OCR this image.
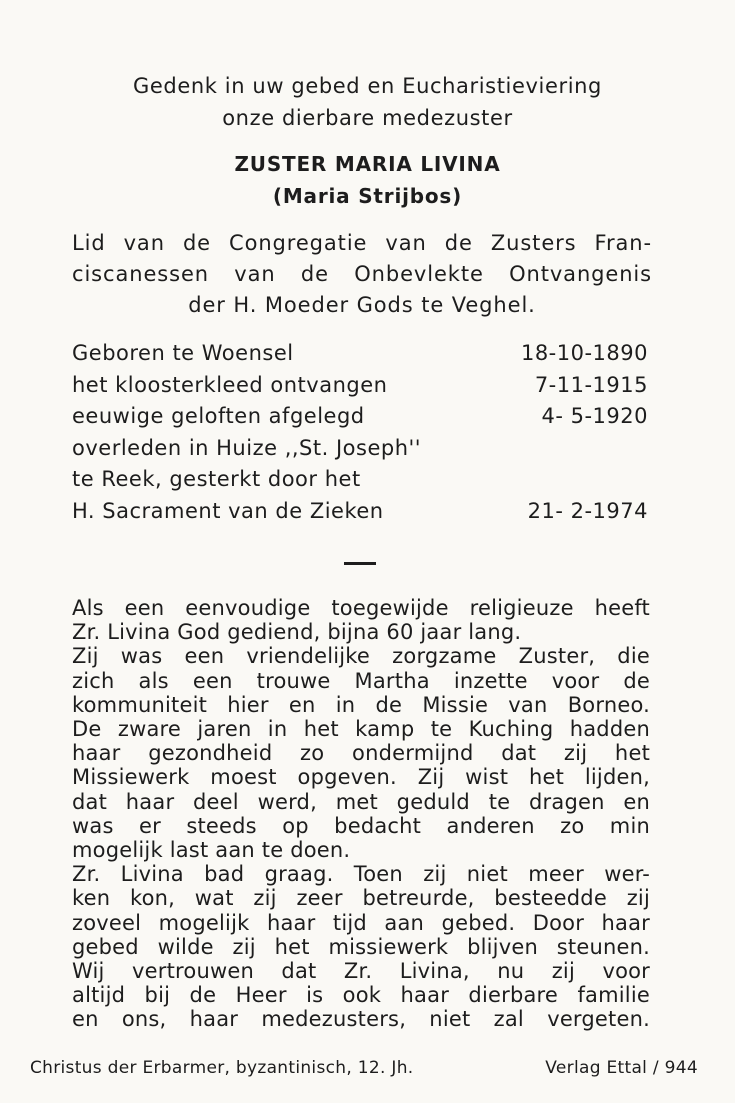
Gedenk in uw gebed en Eucharistieviering
onze dierbare medezuster
ZUSTER MARIA LIVINA
(Maria Strijbos)
Lid van de Congregatie van de Zusters Fran-
ciscanessen van de Onbevlekte Ontvangenis
der H. Moeder Gods te Veghel.
Geboren te Woensel	18-10-1890
het kloosterkleed ontvangen	7-11-1915
eeuwige geloften afgelegd	4- 5-1920
overleden in Huize ,,St. Joseph''
te Reek, gesterkt door het
H. Sacrament van de Zieken	21- 2-1974
Als een eenvoudige toegewijde religieuze heeft
Zr. Livina God gediend, bijna 60 jaar lang.
Zij was een vriendelijke zorgzame Zuster, die
zich als een trouwe Martha inzette voor de
kommuniteit hier en in de Missie van Borneo.
De zware jaren in het kamp te Kuching hadden
haar gezondheid zo ondermijnd dat zij het
Missiewerk moest opgeven. Zij wist het lijden,
dat haar deel werd, met geduld te dragen en
was er steeds op bedacht anderen zo min
mogelijk last aan te doen.
Zr. Livina bad graag. Toen zij niet meer wer-
ken kon, wat zij zeer betreurde, besteedde zij
zoveel mogelijk haar tijd aan gebed. Door haar
gebed wilde zij het missiewerk blijven steunen.
Wij vertrouwen dat Zr. Livina, nu zij voor
altijd bij de Heer is ook haar dierbare familie
en ons, haar medezusters, niet zal vergeten.
Christus der Erbarmer, byzantinisch, 12. Jh.	Verlag Ettal / 944
